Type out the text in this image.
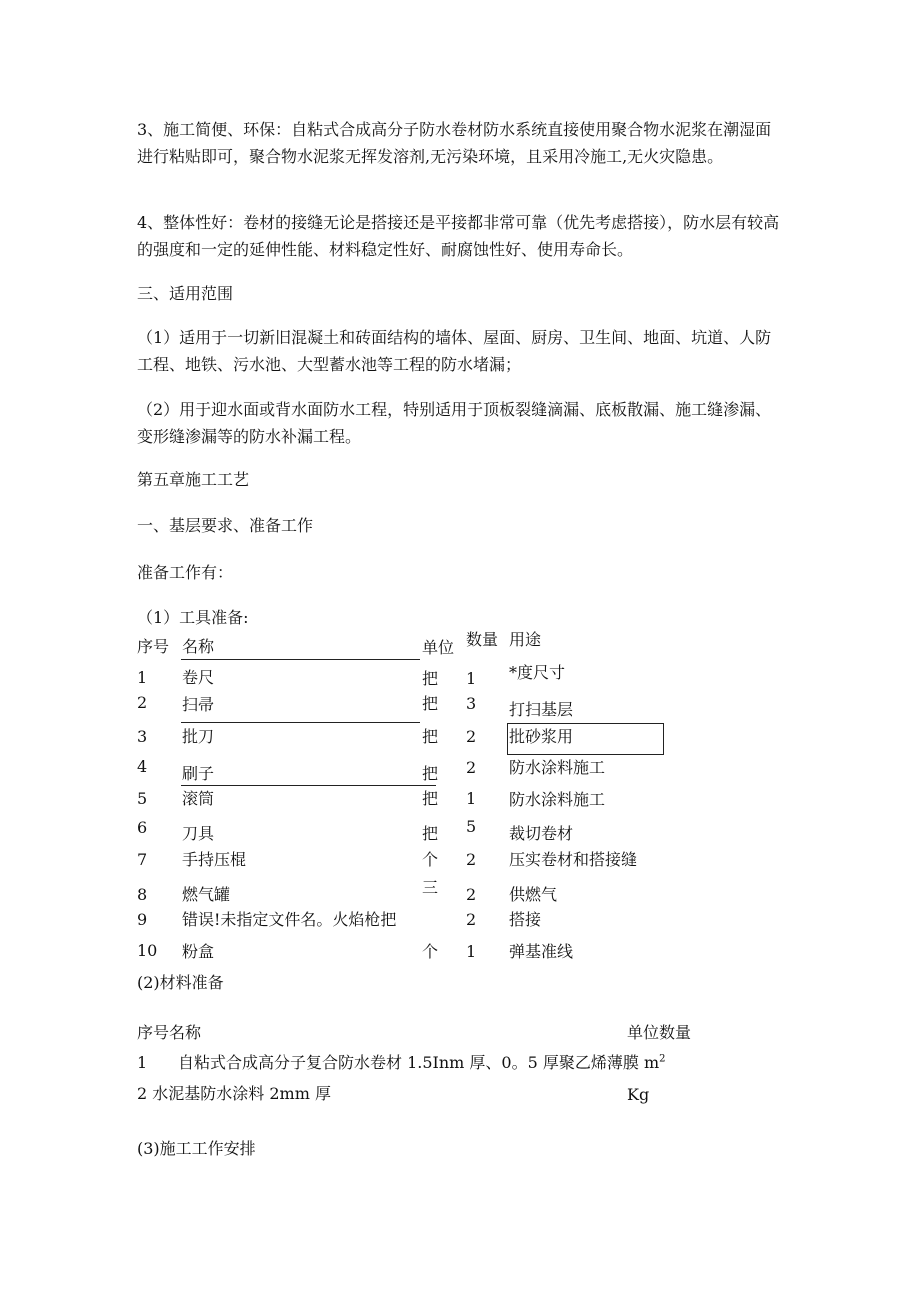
3、施工简便、环保：自粘式合成高分子防水卷材防水系统直接使用聚合物水泥浆在潮湿面进行粘贴即可，聚合物水泥浆无挥发溶剂,无污染环境，且采用冷施工,无火灾隐患。

4、整体性好：卷材的接缝无论是搭接还是平接都非常可靠（优先考虑搭接），防水层有较高的强度和一定的延伸性能、材料稳定性好、耐腐蚀性好、使用寿命长。

三、适用范围

（1）适用于一切新旧混凝土和砖面结构的墙体、屋面、厨房、卫生间、地面、坑道、人防工程、地铁、污水池、大型蓄水池等工程的防水堵漏；

（2）用于迎水面或背水面防水工程，特别适用于顶板裂缝滴漏、底板散漏、施工缝渗漏、变形缝渗漏等的防水补漏工程。

第五章施工工艺

一、基层要求、准备工作

准备工作有：

（1）工具准备:

序号 名称	单位 数量 用途
1 卷尺	把 1 *度尺寸
2 扫帚	把 3 打扫基层
3 批刀	把 2 批砂浆用
4 刷子	把 2 防水涂料施工
5 滚筒	把 1 防水涂料施工
6 刀具	把 5 裁切卷材
7 手持压棍	个 2 压实卷材和搭接缝
8 燃气罐	三 2 供燃气
9 错误!未指定文件名。火焰枪把	2 搭接
10 粉盒	个 1 弹基准线
(2)材料准备
序号名称	单位数量
1 自粘式合成高分子复合防水卷材 1.5Inm 厚、0。5 厚聚乙烯薄膜 $m^2$
2 水泥基防水涂料 2mm 厚	Kg
(3)施工工作安排
